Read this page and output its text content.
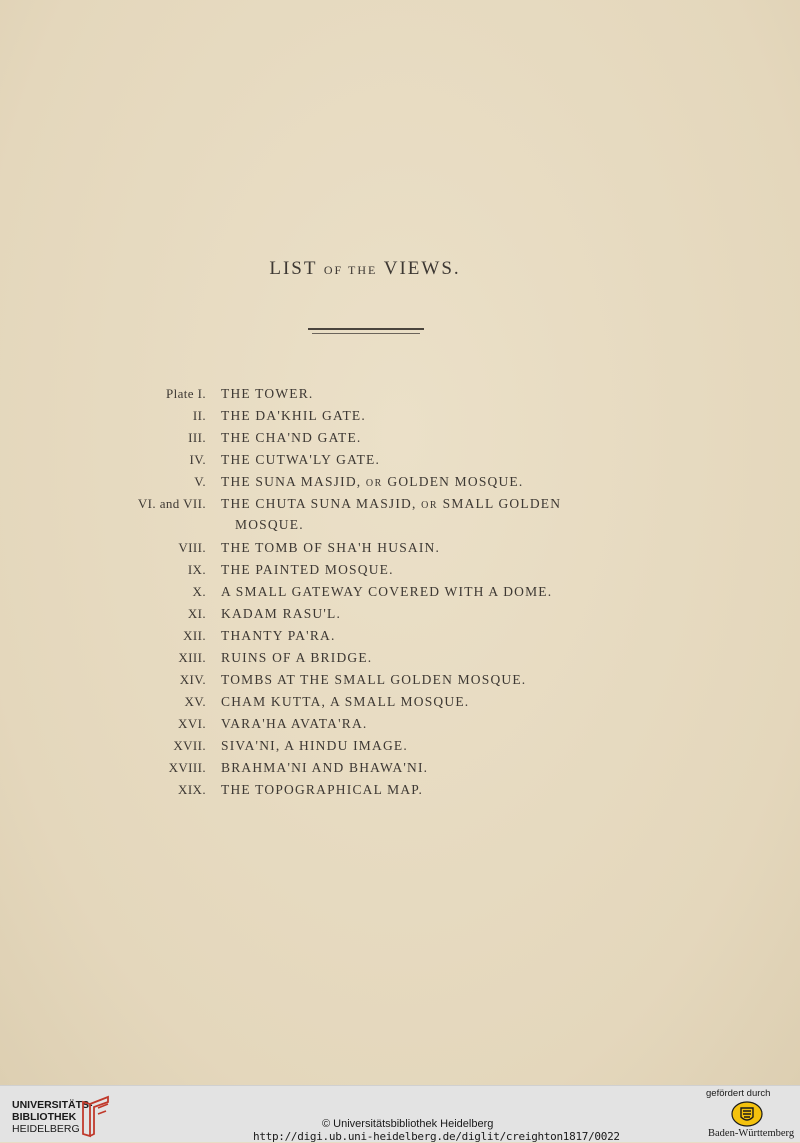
LIST OF THE VIEWS.
Plate I. THE TOWER.
II. THE DA'KHIL GATE.
III. THE CHA'ND GATE.
IV. THE CUTWA'LY GATE.
V. THE SUNA MASJID, OR GOLDEN MOSQUE.
VI. and VII. THE CHUTA SUNA MASJID, OR SMALL GOLDEN
MOSQUE.
VIII. THE TOMB OF SHA'H HUSAIN.
IX. THE PAINTED MOSQUE.
X. A SMALL GATEWAY COVERED WITH A DOME.
XI. KADAM RASU'L.
XII. THANTY PA'RA.
XIII. RUINS OF A BRIDGE.
XIV. TOMBS AT THE SMALL GOLDEN MOSQUE.
XV. CHAM KUTTA, A SMALL MOSQUE.
XVI. VARA'HA AVATA'RA.
XVII. SIVA'NI, A HINDU IMAGE.
XVIII. BRAHMA'NI AND BHAWA'NI.
XIX. THE TOPOGRAPHICAL MAP.
UNIVERSITÄTS-
BIBLIOTHEK
HEIDELBERG	© Universitätsbibliothek Heidelberg
http://digi.ub.uni-heidelberg.de/diglit/creighton1817/0022
gefördert durch
Baden-Württemberg
